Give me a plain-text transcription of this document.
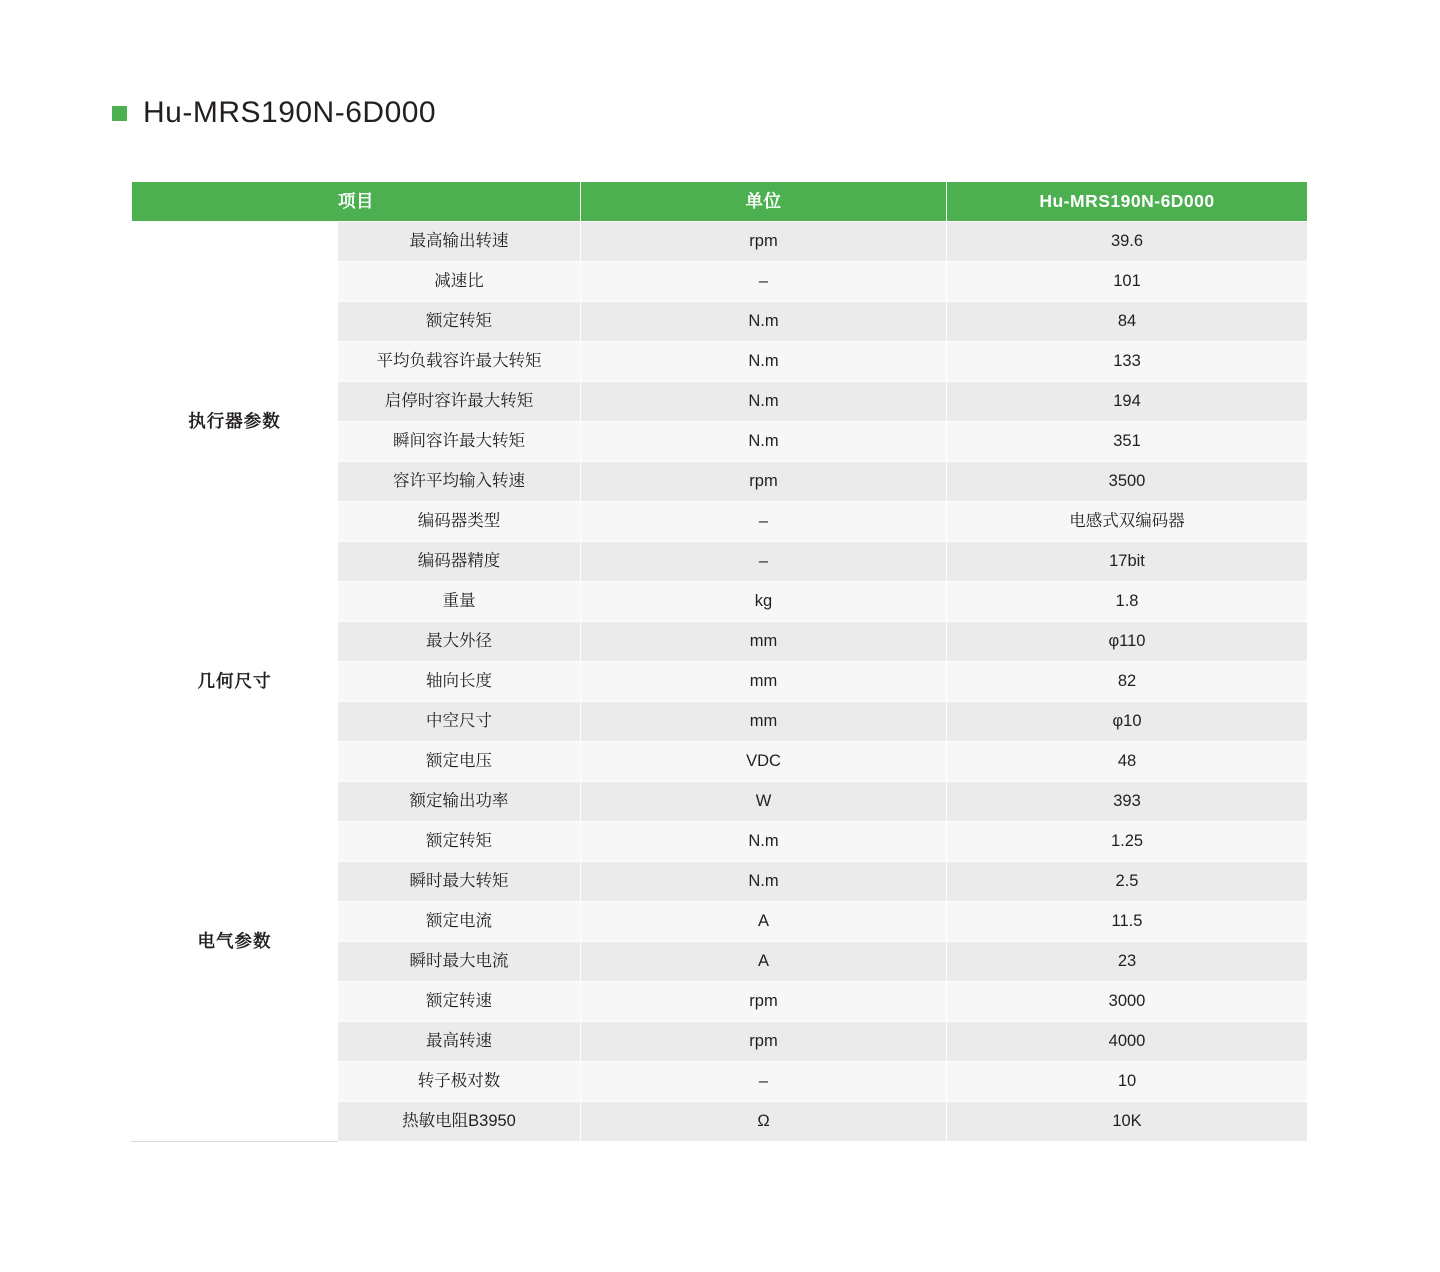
Hu-MRS190N-6D000
项目		单位	Hu-MRS190N-6D000
执行器参数	最高输出转速	rpm	39.6
	减速比	–	101
	额定转矩	N.m	84
	平均负载容许最大转矩	N.m	133
	启停时容许最大转矩	N.m	194
	瞬间容许最大转矩	N.m	351
	容许平均输入转速	rpm	3500
	编码器类型	–	电感式双编码器
	编码器精度	–	17bit
	重量	kg	1.8
几何尺寸	最大外径	mm	φ110
	轴向长度	mm	82
	中空尺寸	mm	φ10
电气参数	额定电压	VDC	48
	额定输出功率	W	393
	额定转矩	N.m	1.25
	瞬时最大转矩	N.m	2.5
	额定电流	A	11.5
	瞬时最大电流	A	23
	额定转速	rpm	3000
	最高转速	rpm	4000
	转子极对数	–	10
	热敏电阻B3950	Ω	10K
